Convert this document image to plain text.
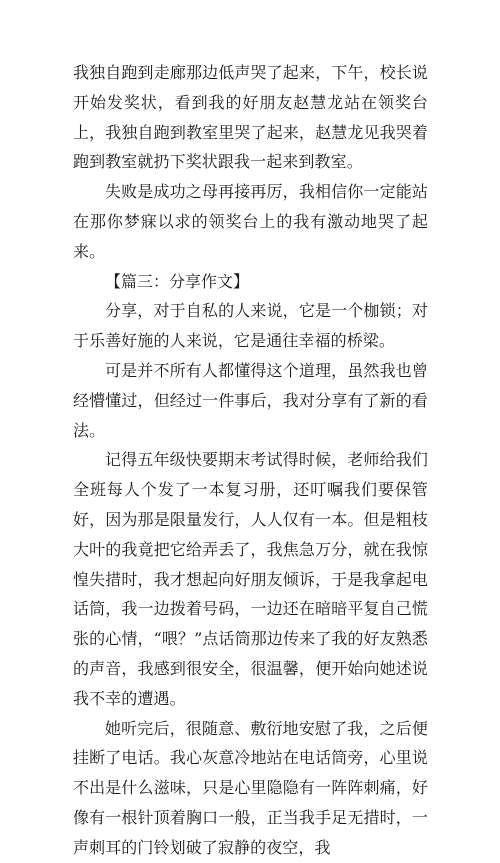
我独自跑到走廊那边低声哭了起来，下午，校长说开始发奖状，看到我的好朋友赵慧龙站在领奖台上，我独自跑到教室里哭了起来，赵慧龙见我哭着跑到教室就扔下奖状跟我一起来到教室。

失败是成功之母再接再厉，我相信你一定能站在那你梦寐以求的领奖台上的我有激动地哭了起来。

【篇三：分享作文】

分享，对于自私的人来说，它是一个枷锁；对于乐善好施的人来说，它是通往幸福的桥梁。

可是并不所有人都懂得这个道理，虽然我也曾经懵懂过，但经过一件事后，我对分享有了新的看法。

记得五年级快要期末考试得时候，老师给我们全班每人个发了一本复习册，还叮嘱我们要保管好，因为那是限量发行，人人仅有一本。但是粗枝大叶的我竟把它给弄丢了，我焦急万分，就在我惊惶失措时，我才想起向好朋友倾诉，于是我拿起电话筒，我一边拨着号码，一边还在暗暗平复自己慌张的心情，“喂？”点话筒那边传来了我的好友熟悉的声音，我感到很安全，很温馨，便开始向她述说我不幸的遭遇。

她听完后，很随意、敷衍地安慰了我，之后便挂断了电话。我心灰意冷地站在电话筒旁，心里说不出是什么滋味，只是心里隐隐有一阵阵刺痛，好像有一根针顶着胸口一般，正当我手足无措时，一声刺耳的门铃划破了寂静的夜空，我
